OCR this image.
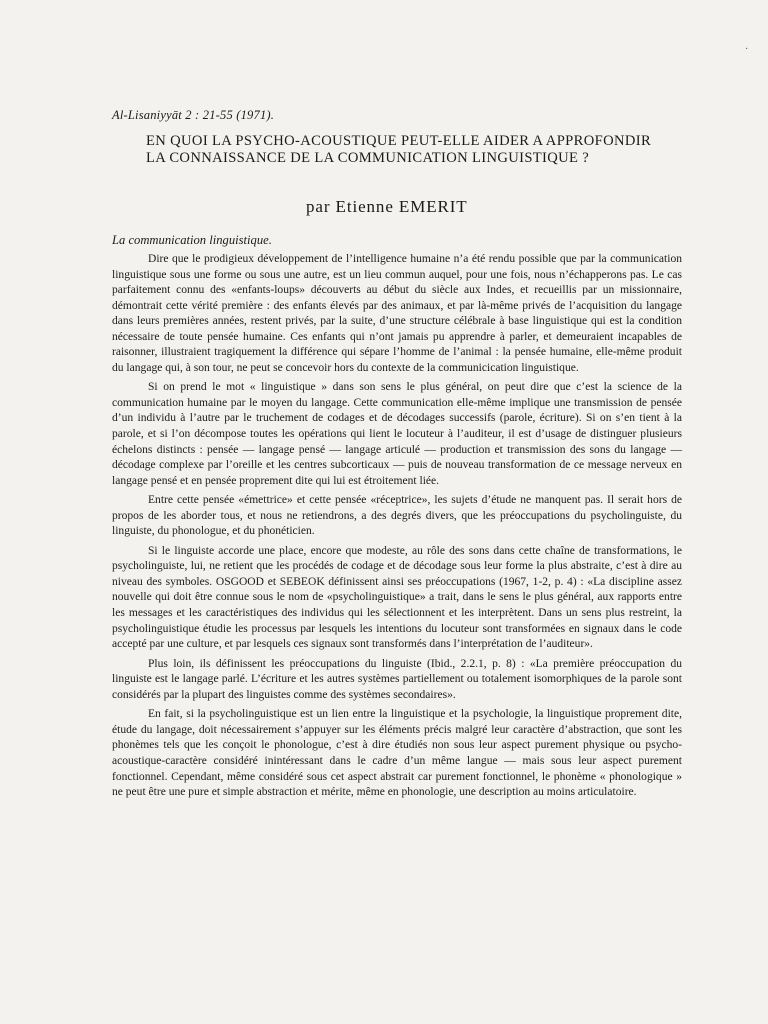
·
Al-Lisaniyyāt 2 : 21-55 (1971).
EN QUOI LA PSYCHO-ACOUSTIQUE PEUT-ELLE AIDER A APPROFONDIR LA CONNAISSANCE DE LA COMMUNICATION LINGUISTIQUE ?
par Etienne EMERIT
La communication linguistique.

Dire que le prodigieux développement de l’intelligence humaine n’a été rendu possible que par la communication linguistique sous une forme ou sous une autre, est un lieu commun auquel, pour une fois, nous n’échapperons pas. Le cas parfaitement connu des «enfants-loups» découverts au début du siècle aux Indes, et recueillis par un missionnaire, démontrait cette vérité première : des enfants élevés par des animaux, et par là-même privés de l’acquisition du langage dans leurs premières années, restent privés, par la suite, d’une structure célébrale à base linguistique qui est la condition nécessaire de toute pensée humaine. Ces enfants qui n’ont jamais pu apprendre à parler, et demeuraient incapables de raisonner, illustraient tragiquement la différence qui sépare l’homme de l’animal : la pensée humaine, elle-même produit du langage qui, à son tour, ne peut se concevoir hors du contexte de la communicication linguistique.

Si on prend le mot « linguistique » dans son sens le plus général, on peut dire que c’est la science de la communication humaine par le moyen du langage. Cette communication elle-même implique une transmission de pensée d’un individu à l’autre par le truchement de codages et de décodages successifs (parole, écriture). Si on s’en tient à la parole, et si l’on décompose toutes les opérations qui lient le locuteur à l’auditeur, il est d’usage de distinguer plusieurs échelons distincts : pensée — langage pensé — langage articulé — production et transmission des sons du langage — décodage complexe par l’oreille et les centres subcorticaux — puis de nouveau transformation de ce message nerveux en langage pensé et en pensée proprement dite qui lui est étroitement liée.

Entre cette pensée «émettrice» et cette pensée «réceptrice», les sujets d’étude ne manquent pas. Il serait hors de propos de les aborder tous, et nous ne retiendrons, a des degrés divers, que les préoccupations du psycholinguiste, du linguiste, du phonologue, et du phonéticien.

Si le linguiste accorde une place, encore que modeste, au rôle des sons dans cette chaîne de transformations, le psycholinguiste, lui, ne retient que les procédés de codage et de décodage sous leur forme la plus abstraite, c’est à dire au niveau des symboles. OSGOOD et SEBEOK définissent ainsi ses préoccupations (1967, 1-2, p. 4) : «La discipline assez nouvelle qui doit être connue sous le nom de «psycholinguistique» a trait, dans le sens le plus général, aux rapports entre les messages et les caractéristiques des individus qui les sélectionnent et les interprètent. Dans un sens plus restreint, la psycholinguistique étudie les processus par lesquels les intentions du locuteur sont transformées en signaux dans le code accepté par une culture, et par lesquels ces signaux sont transformés dans l’interprétation de l’auditeur».

Plus loin, ils définissent les préoccupations du linguiste (Ibid., 2.2.1, p. 8) : «La première préoccupation du linguiste est le langage parlé. L’écriture et les autres systèmes partiellement ou totalement isomorphiques de la parole sont considérés par la plupart des linguistes comme des systèmes secondaires».

En fait, si la psycholinguistique est un lien entre la linguistique et la psychologie, la linguistique proprement dite, étude du langage, doit nécessairement s’appuyer sur les éléments précis malgré leur caractère d’abstraction, que sont les phonèmes tels que les conçoit le phonologue, c’est à dire étudiés non sous leur aspect purement physique ou psycho-acoustique-caractère considéré inintéressant dans le cadre d’un même langue — mais sous leur aspect purement fonctionnel. Cependant, même considéré sous cet aspect abstrait car purement fonctionnel, le phonème « phonologique » ne peut être une pure et simple abstraction et mérite, même en phonologie, une description au moins articulatoire.
